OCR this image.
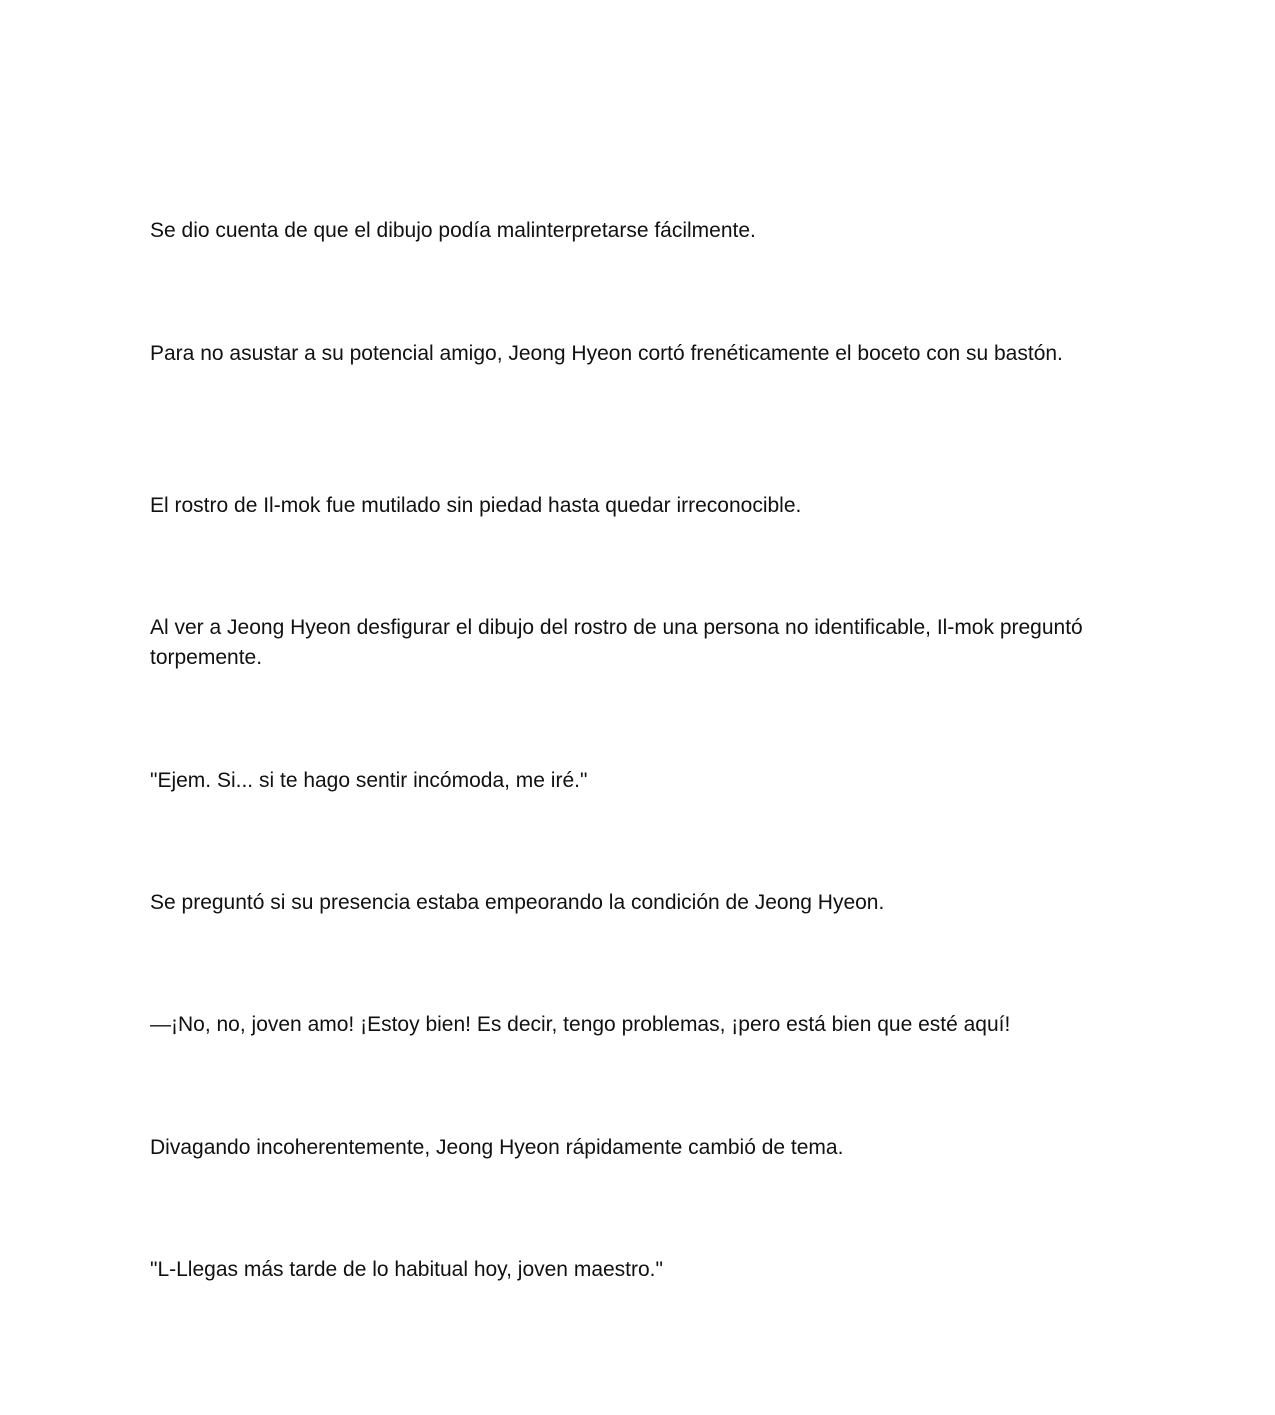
Se dio cuenta de que el dibujo podía malinterpretarse fácilmente.

Para no asustar a su potencial amigo, Jeong Hyeon cortó frenéticamente el boceto con su bastón.

El rostro de Il-mok fue mutilado sin piedad hasta quedar irreconocible.

Al ver a Jeong Hyeon desfigurar el dibujo del rostro de una persona no identificable, Il-mok preguntó torpemente.

"Ejem. Si... si te hago sentir incómoda, me iré."

Se preguntó si su presencia estaba empeorando la condición de Jeong Hyeon.

—¡No, no, joven amo! ¡Estoy bien! Es decir, tengo problemas, ¡pero está bien que esté aquí!

Divagando incoherentemente, Jeong Hyeon rápidamente cambió de tema.

"L-Llegas más tarde de lo habitual hoy, joven maestro."
